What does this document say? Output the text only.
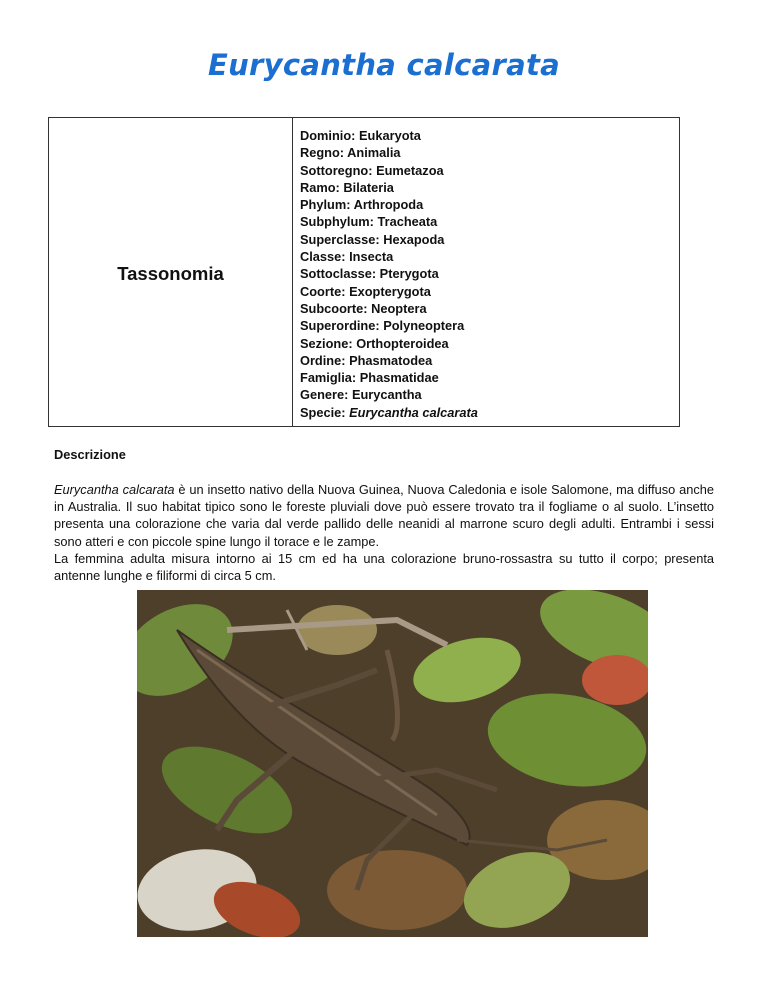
Eurycantha calcarata
Tassonomia
Dominio: Eukaryota
Regno: Animalia
Sottoregno: Eumetazoa
Ramo: Bilateria
Phylum: Arthropoda
Subphylum: Tracheata
Superclasse: Hexapoda
Classe: Insecta
Sottoclasse: Pterygota
Coorte: Exopterygota
Subcoorte: Neoptera
Superordine: Polyneoptera
Sezione: Orthopteroidea
Ordine: Phasmatodea
Famiglia: Phasmatidae
Genere: Eurycantha
Specie: Eurycantha calcarata
Descrizione

Eurycantha calcarata è un insetto nativo della Nuova Guinea, Nuova Caledonia e isole Salomone, ma diffuso anche in Australia. Il suo habitat tipico sono le foreste pluviali dove può essere trovato tra il fogliame o al suolo. L’insetto presenta una colorazione che varia dal verde pallido delle neanidi al marrone scuro degli adulti. Entrambi i sessi sono atteri e con piccole spine lungo il torace e le zampe.

La femmina adulta misura intorno ai 15 cm ed ha una colorazione bruno-rossastra su tutto il corpo; presenta antenne lunghe e filiformi di circa 5 cm.
